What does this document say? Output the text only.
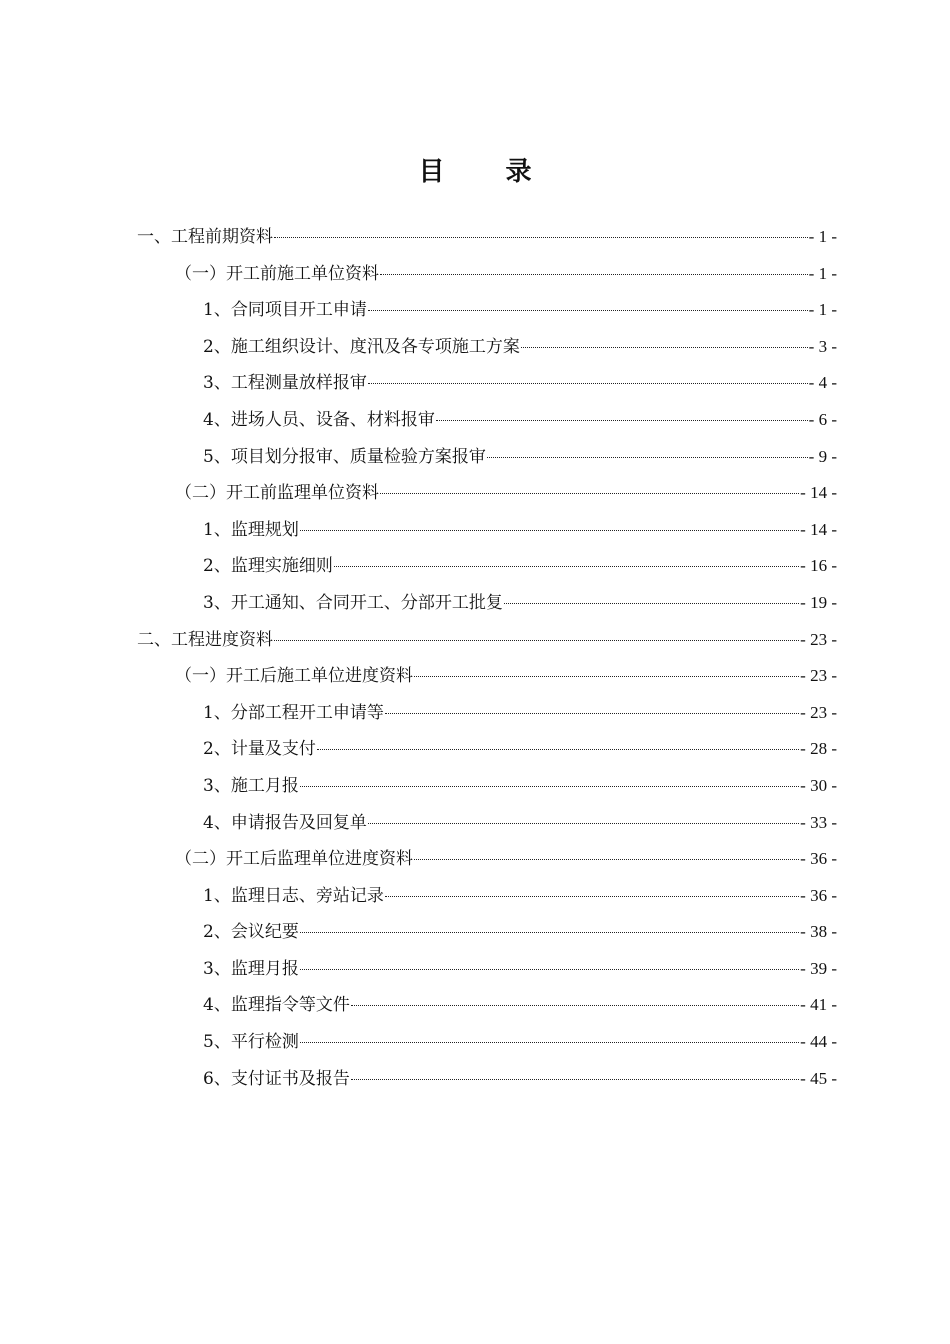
目 录
一、工程前期资料	- 1 -
（一）开工前施工单位资料	- 1 -
1、合同项目开工申请	- 1 -
2、施工组织设计、度汛及各专项施工方案	- 3 -
3、工程测量放样报审	- 4 -
4、进场人员、设备、材料报审	- 6 -
5、项目划分报审、质量检验方案报审	- 9 -
（二）开工前监理单位资料	- 14 -
1、监理规划	- 14 -
2、监理实施细则	- 16 -
3、开工通知、合同开工、分部开工批复	- 19 -
二、工程进度资料	- 23 -
（一）开工后施工单位进度资料	- 23 -
1、分部工程开工申请等	- 23 -
2、计量及支付	- 28 -
3、施工月报	- 30 -
4、申请报告及回复单	- 33 -
（二）开工后监理单位进度资料	- 36 -
1、监理日志、旁站记录	- 36 -
2、会议纪要	- 38 -
3、监理月报	- 39 -
4、监理指令等文件	- 41 -
5、平行检测	- 44 -
6、支付证书及报告	- 45 -
